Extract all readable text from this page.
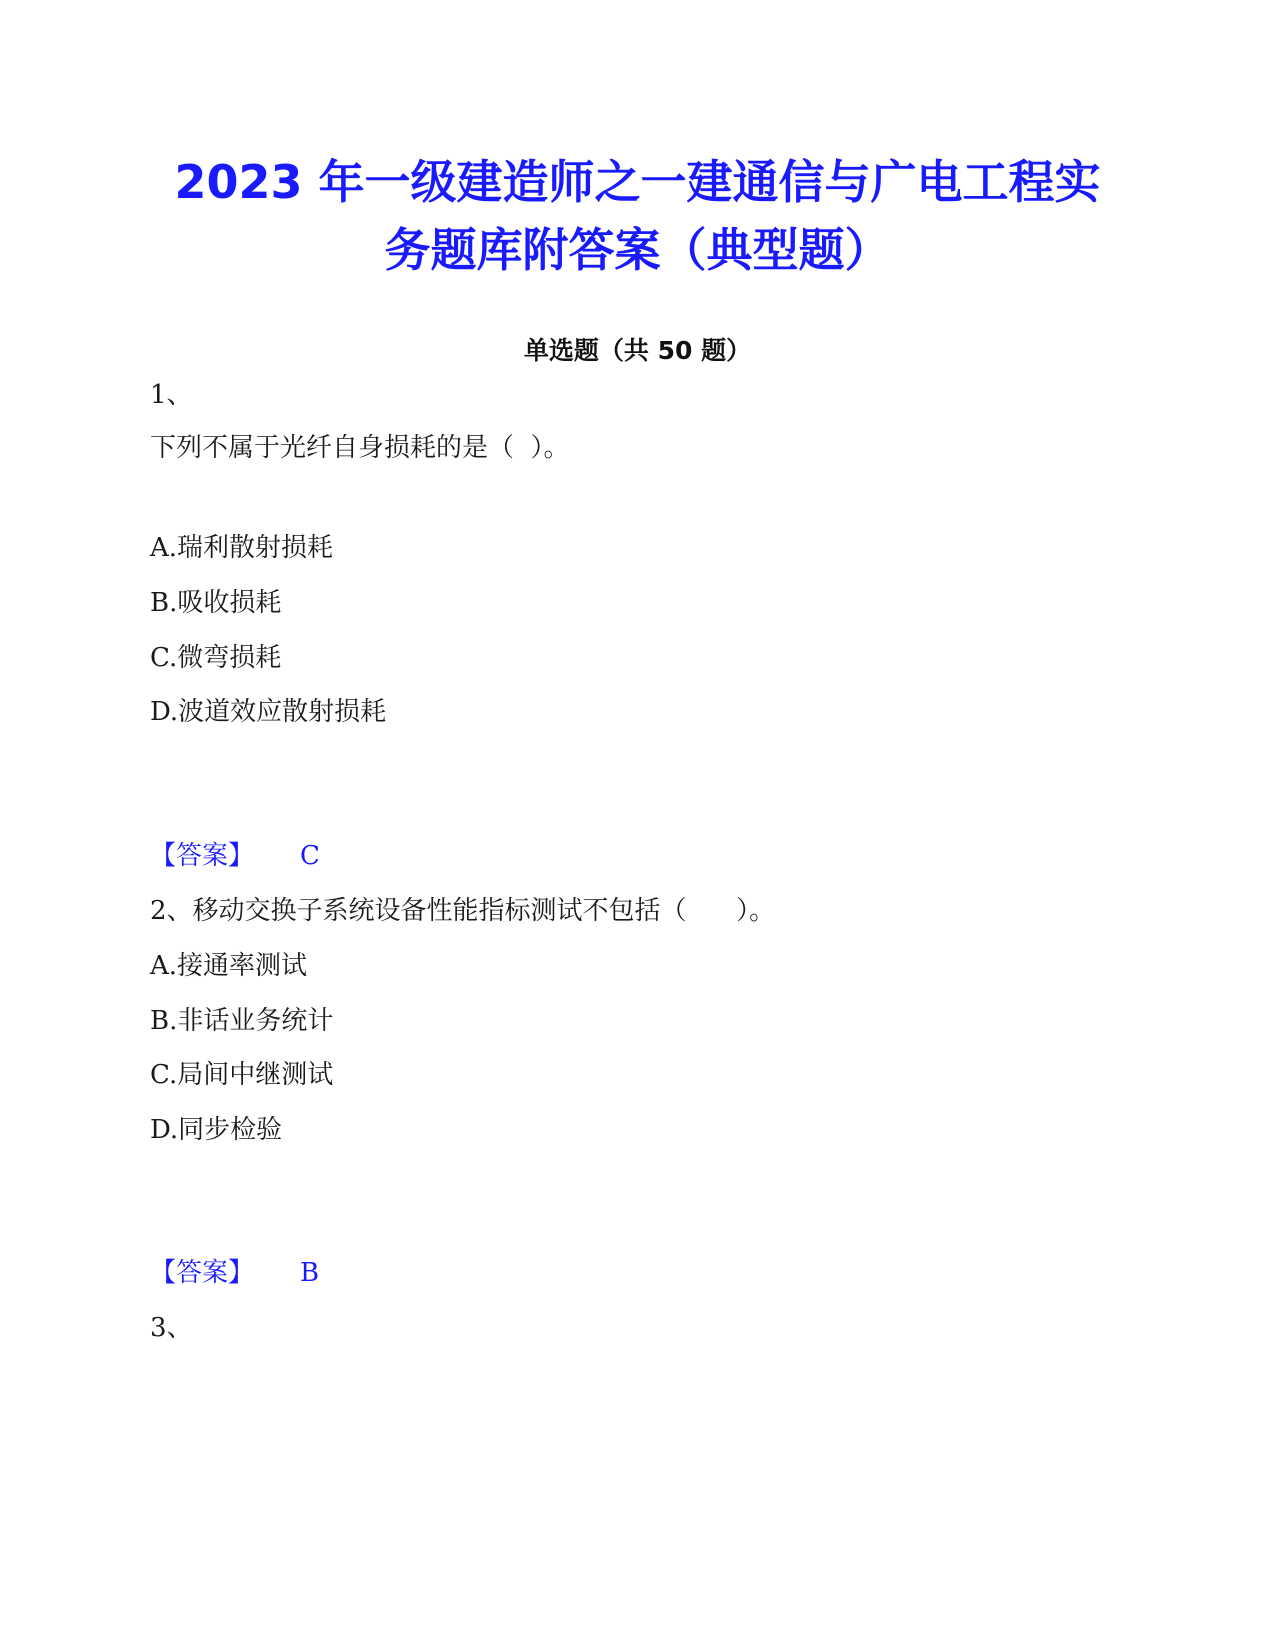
2023 年一级建造师之一建通信与广电工程实
务题库附答案（典型题）
单选题（共 50 题）
1、
下列不属于光纤自身损耗的是（  ）。
A.瑞利散射损耗
B.吸收损耗
C.微弯损耗
D.波道效应散射损耗
【答案】 C
2、移动交换子系统设备性能指标测试不包括（      ）。
A.接通率测试
B.非话业务统计
C.局间中继测试
D.同步检验
【答案】 B
3、
